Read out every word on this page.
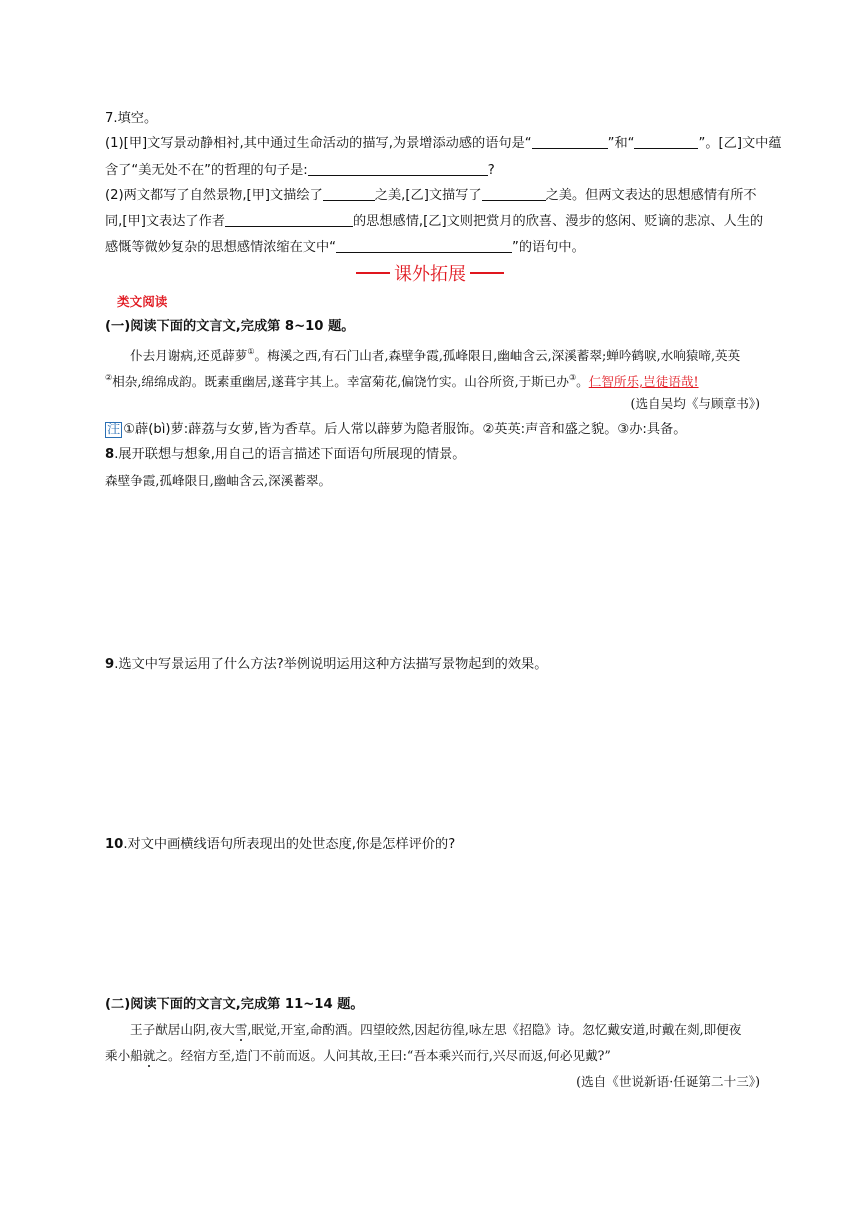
7.填空。
(1)[甲]文写景动静相衬,其中通过生命活动的描写,为景增添动感的语句是“	”和“	”。[乙]文中蕴
含了“美无处不在”的哲理的句子是:	?
(2)两文都写了自然景物,[甲]文描绘了	之美,[乙]文描写了	之美。但两文表达的思想感情有所不
同,[甲]文表达了作者	的思想感情,[乙]文则把赏月的欣喜、漫步的悠闲、贬谪的悲凉、人生的
感慨等微妙复杂的思想感情浓缩在文中“	”的语句中。
课外拓展
类文阅读
(一)阅读下面的文言文,完成第 8~10 题。
仆去月谢病,还觅薜萝①。梅溪之西,有石门山者,森壁争霞,孤峰限日,幽岫含云,深溪蓄翠;蝉吟鹤唳,水响猿啼,英英
②相杂,绵绵成韵。既素重幽居,遂葺宇其上。幸富菊花,偏饶竹实。山谷所资,于斯已办③。仁智所乐,岂徒语哉!
(选自吴均《与顾章书》)
注 ①薜(bì)萝:薜荔与女萝,皆为香草。后人常以薜萝为隐者服饰。②英英:声音和盛之貌。③办:具备。
8.展开联想与想象,用自己的语言描述下面语句所展现的情景。
森壁争霞,孤峰限日,幽岫含云,深溪蓄翠。
9.选文中写景运用了什么方法?举例说明运用这种方法描写景物起到的效果。
10.对文中画横线语句所表现出的处世态度,你是怎样评价的?
(二)阅读下面的文言文,完成第 11~14 题。
王子猷居山阴,夜大雪,眠觉,开室,命酌酒。四望皎然,因起彷徨,咏左思《招隐》诗。忽忆戴安道,时戴在剡,即便夜
乘小船就之。经宿方至,造门不前而返。人问其故,王曰:“吾本乘兴而行,兴尽而返,何必见戴?”
(选自《世说新语·任诞第二十三》)
